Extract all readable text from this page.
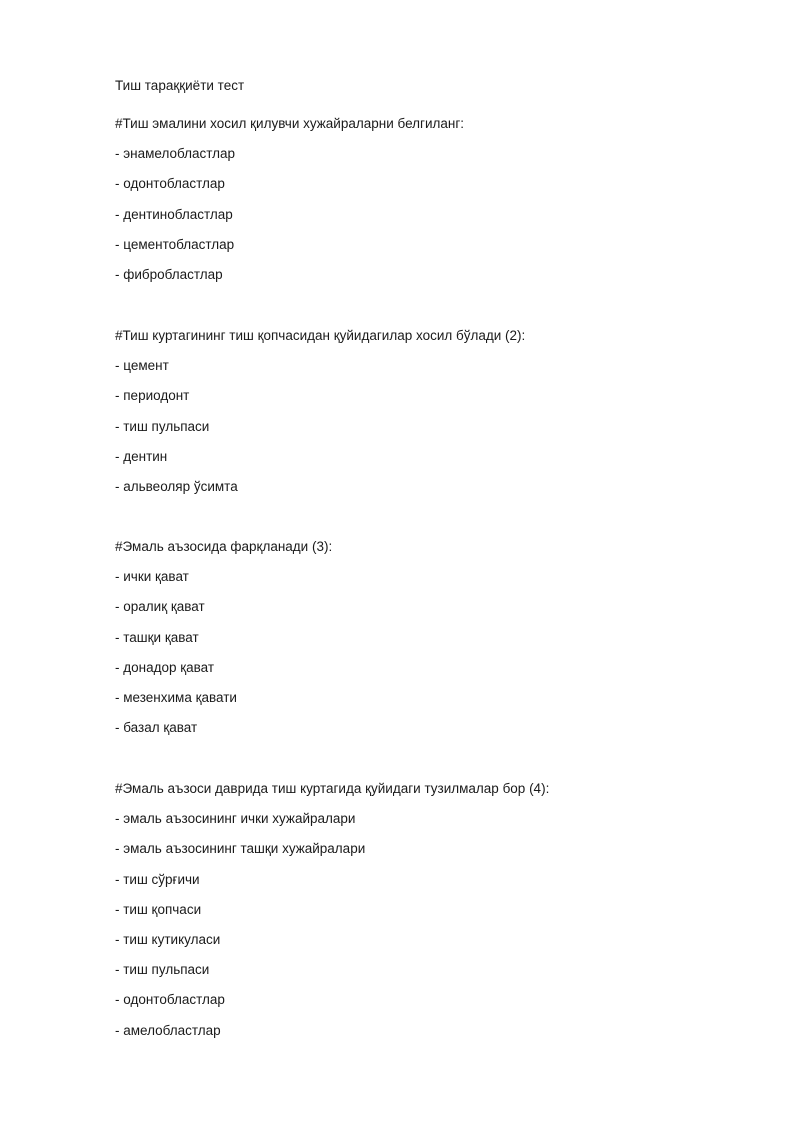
Тиш тараққиёти тест
#Тиш эмалини хосил қилувчи хужайраларни белгиланг:
- энамелобластлар
- одонтобластлар
- дентинобластлар
- цементобластлар
- фибробластлар
#Тиш куртагининг тиш қопчасидан қуйидагилар хосил бўлади (2):
- цемент
- периодонт
- тиш пульпаси
- дентин
- альвеоляр ўсимта
#Эмаль аъзосида фарқланади (3):
- ички қават
- оралиқ қават
- ташқи қават
- донадор қават
- мезенхима қавати
- базал қават
#Эмаль аъзоси даврида тиш куртагида қуйидаги тузилмалар бор (4):
- эмаль аъзосининг ички хужайралари
- эмаль аъзосининг ташқи хужайралари
- тиш сўрғичи
- тиш қопчаси
- тиш кутикуласи
- тиш пульпаси
- одонтобластлар
- амелобластлар
